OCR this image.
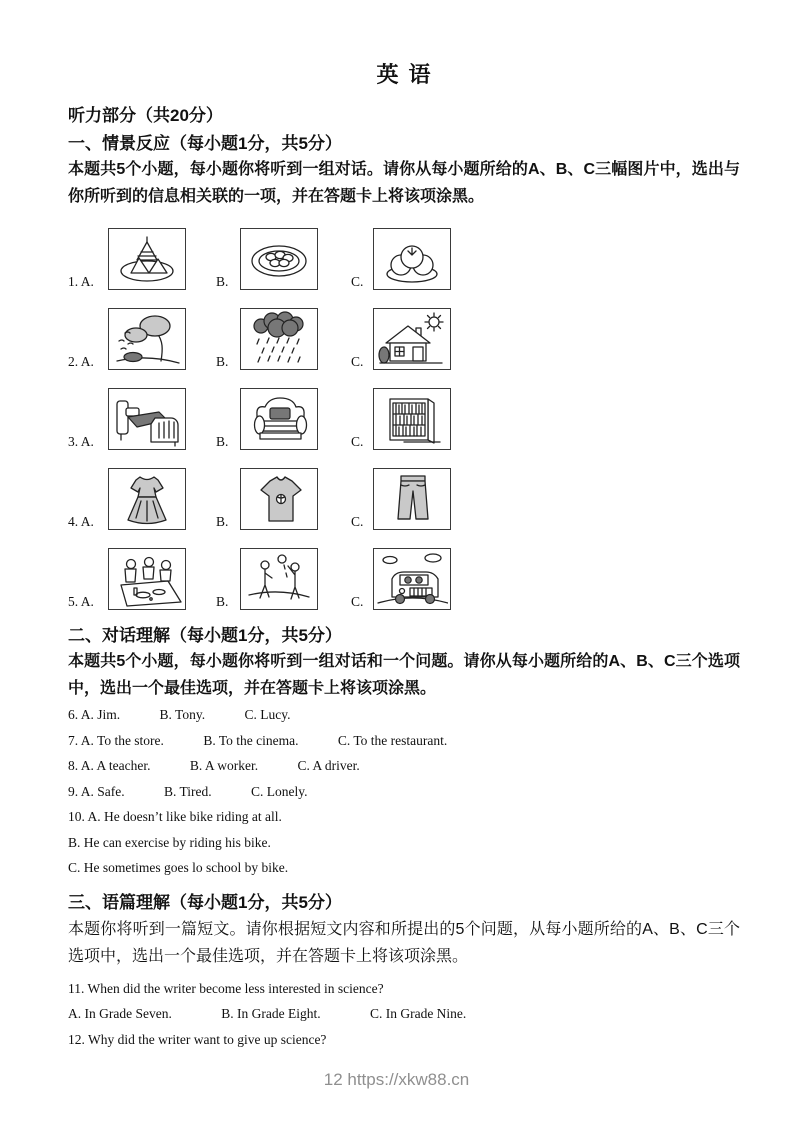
英 语
听力部分（共20分）
一、情景反应（每小题1分，共5分）

本题共5个小题，每小题你将听到一组对话。请你从每小题所给的A、B、C三幅图片中，选出与你所听到的信息相关联的一项，并在答题卡上将该项涂黑。

1. A.	B.	C.
2. A.	B.	C.
3. A.	B.	C.
4. A.	B.	C.
5. A.	B.	C.
二、对话理解（每小题1分，共5分）

本题共5个小题，每小题你将听到一组对话和一个问题。请你从每小题所给的A、B、C三个选项中，选出一个最佳选项，并在答题卡上将该项涂黑。

6. A. Jim.	B. Tony.	C. Lucy.
7. A. To the store.	B. To the cinema.	C. To the restaurant.
8. A. A teacher.	B. A worker.	C. A driver.
9. A. Safe.	B. Tired.	C. Lonely.
10. A. He doesn’t like bike riding at all.
B. He can exercise by riding his bike.
C. He sometimes goes lo school by bike.
三、语篇理解（每小题1分，共5分）

本题你将听到一篇短文。请你根据短文内容和所提出的5个问题，从每小题所给的A、B、C三个选项中，选出一个最佳选项，并在答题卡上将该项涂黑。

11. When did the writer become less interested in science?
A. In Grade Seven.	B. In Grade Eight.	C. In Grade Nine.
12. Why did the writer want to give up science?
12 https://xkw88.cn
